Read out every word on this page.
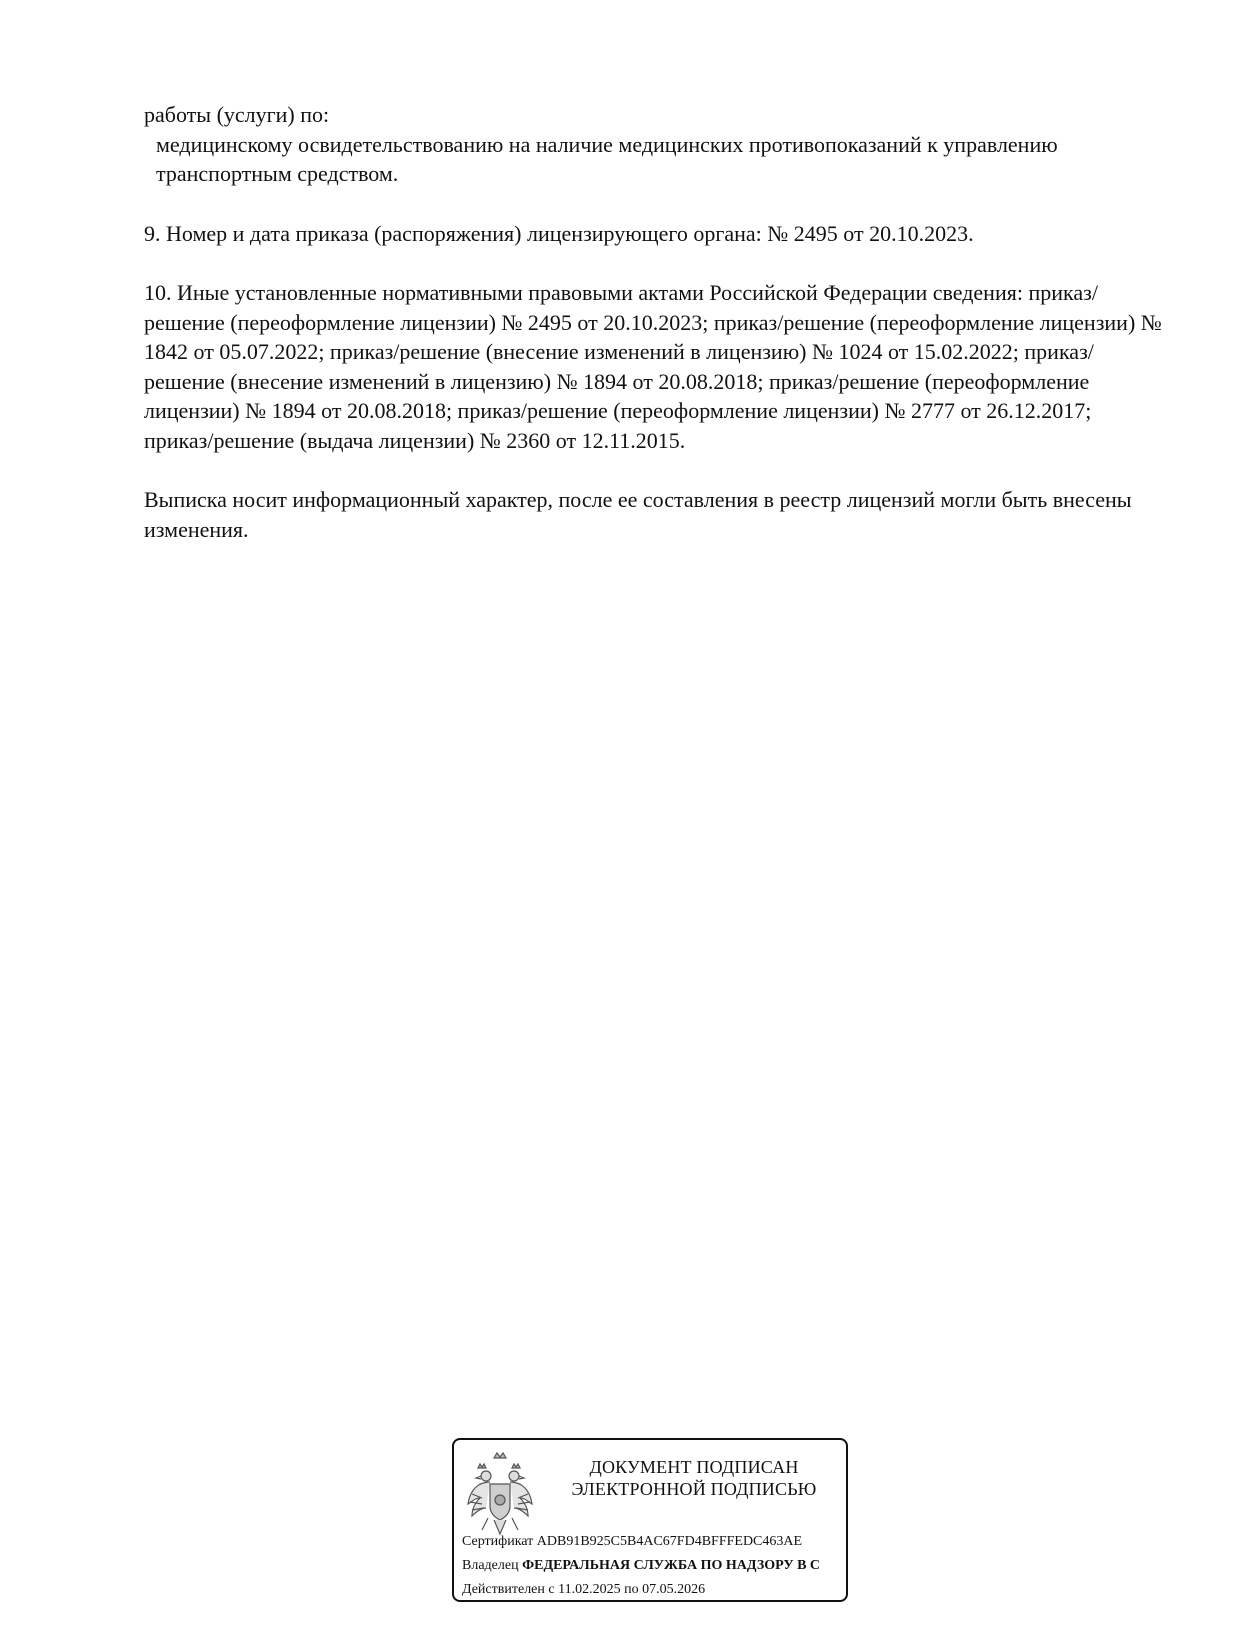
работы (услуги) по:

медицинскому освидетельствованию на наличие медицинских противопоказаний к управлению транспортным средством.

9. Номер и дата приказа (распоряжения) лицензирующего органа: № 2495 от 20.10.2023.

10. Иные установленные нормативными правовыми актами Российской Федерации сведения: приказ/решение (переоформление лицензии) № 2495 от 20.10.2023; приказ/решение (переоформление лицензии) № 1842 от 05.07.2022; приказ/решение (внесение изменений в лицензию) № 1024 от 15.02.2022; приказ/решение (внесение изменений в лицензию) № 1894 от 20.08.2018; приказ/решение (переоформление лицензии) № 1894 от 20.08.2018; приказ/решение (переоформление лицензии) № 2777 от 26.12.2017; приказ/решение (выдача лицензии) № 2360 от 12.11.2015.

Выписка носит информационный характер, после ее составления в реестр лицензий могли быть внесены изменения.

ДОКУМЕНТ ПОДПИСАН
ЭЛЕКТРОННОЙ ПОДПИСЬЮ
Сертификат ADB91B925C5B4AC67FD4BFFFEDC463AE
Владелец ФЕДЕРАЛЬНАЯ СЛУЖБА ПО НАДЗОРУ В С
Действителен с 11.02.2025 по 07.05.2026
